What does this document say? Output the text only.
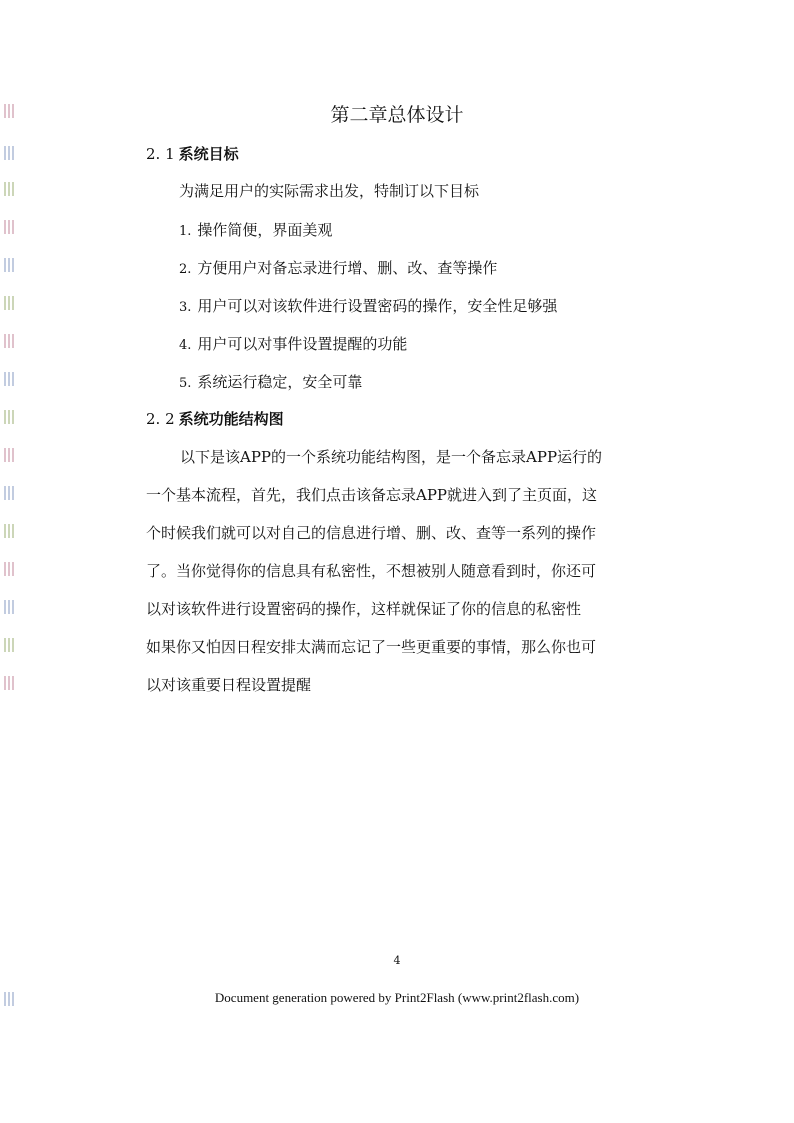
第二章总体设计
2. 1 系统目标
为满足用户的实际需求出发，特制订以下目标
1. 操作简便，界面美观
2. 方便用户对备忘录进行增、删、改、查等操作
3. 用户可以对该软件进行设置密码的操作，安全性足够强
4. 用户可以对事件设置提醒的功能
5. 系统运行稳定，安全可靠
2. 2 系统功能结构图
以下是该APP的一个系统功能结构图，是一个备忘录APP运行的
一个基本流程，首先，我们点击该备忘录APP就进入到了主页面，这
个时候我们就可以对自己的信息进行增、删、改、查等一系列的操作
了。当你觉得你的信息具有私密性，不想被别人随意看到时，你还可
以对该软件进行设置密码的操作，这样就保证了你的信息的私密性
如果你又怕因日程安排太满而忘记了一些更重要的事情，那么你也可
以对该重要日程设置提醒
4
Document generation powered by Print2Flash (www.print2flash.com)
